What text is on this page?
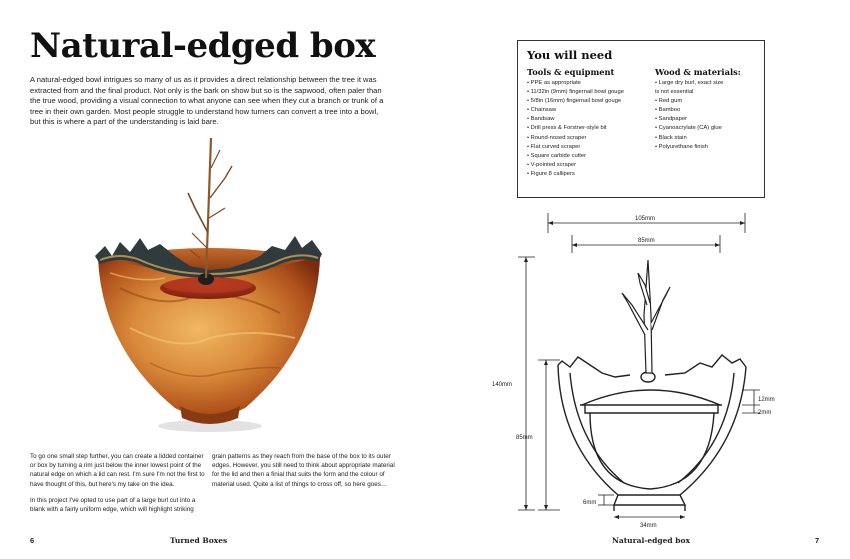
Natural-edged box

A natural-edged bowl intrigues so many of us as it provides a direct relationship between the tree it was extracted from and the final product. Not only is the bark on show but so is the sapwood, often paler than the true wood, providing a visual connection to what anyone can see when they cut a branch or trunk of a tree in their own garden. Most people struggle to understand how turners can convert a tree into a bowl, but this is where a part of the understanding is laid bare.

To go one small step further, you can create a lidded container or box by turning a rim just below the inner lowest point of the natural edge on which a lid can rest. I'm sure I'm not the first to have thought of this, but here's my take on the idea.

In this project I've opted to use part of a large burl cut into a blank with a fairly uniform edge, which will highlight striking

grain patterns as they reach from the base of the box to its outer edges. However, you still need to think about appropriate material for the lid and then a finial that suits the form and the colour of material used. Quite a list of things to cross off, so here goes…

6	Turned Boxes
You will need
Tools & equipment
• PPE as appropriate
• 11/32in (9mm) fingernail bowl gouge
• 5/8in (16mm) fingernail bowl gouge
• Chainsaw
• Bandsaw
• Drill press & Forstner-style bit
• Round-nosed scraper
• Flat curved scraper
• Square carbide cutter
• V-pointed scraper
• Figure 8 callipers
Wood & materials:
• Large dry burl, exact size
is not essential
• Red gum
• Bamboo
• Sandpaper
• Cyanoacrylate (CA) glue
• Black stain
• Polyurethane finish
105mm
85mm
140mm
85mm
12mm
2mm
6mm
34mm
Natural-edged box	7
